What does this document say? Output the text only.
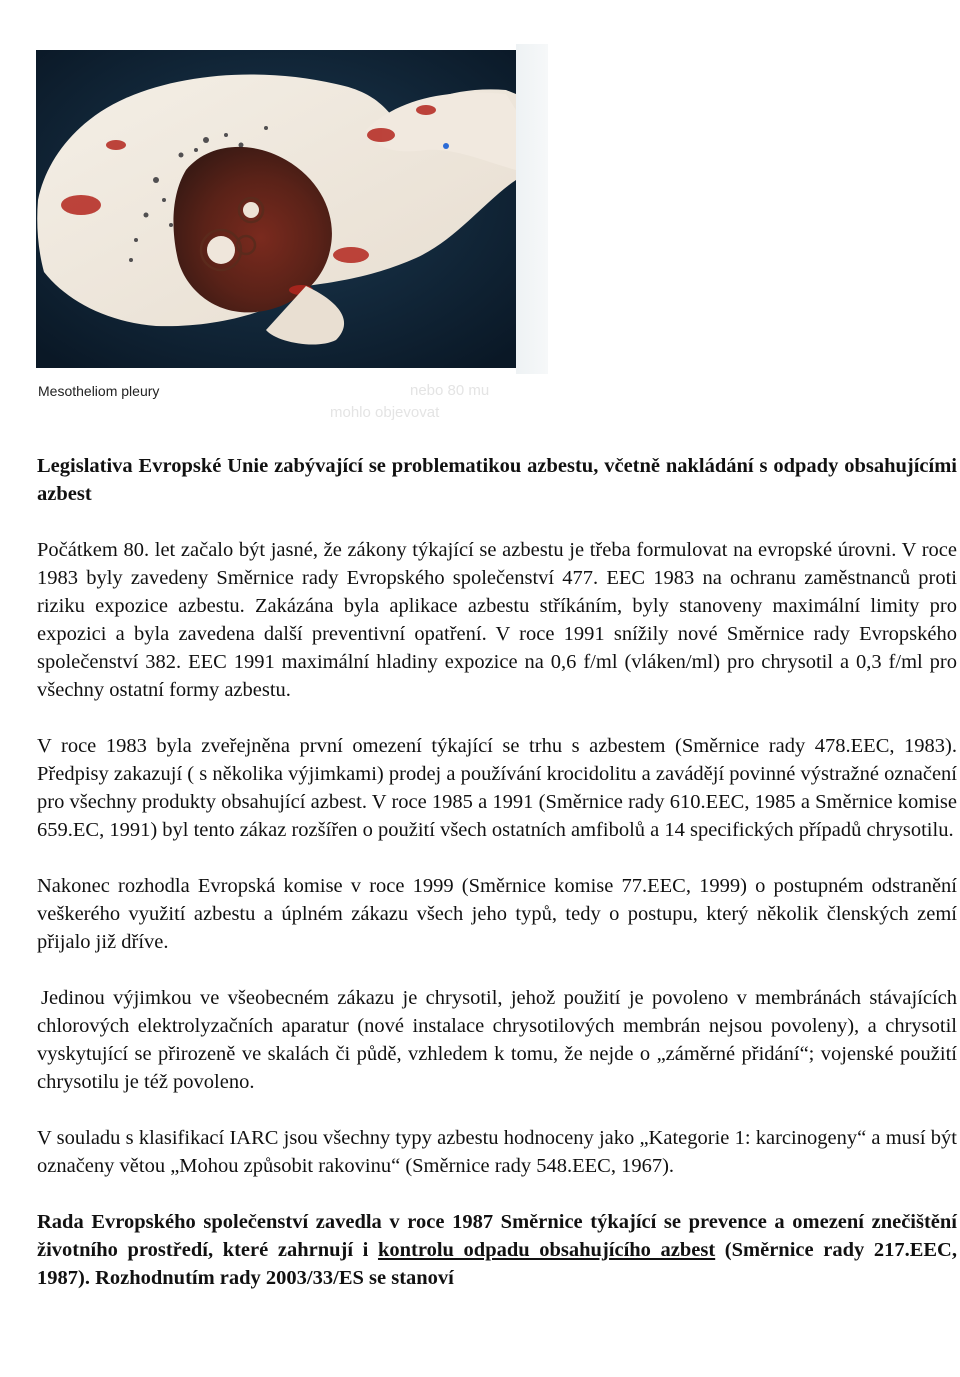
nebo 80 mu
mohlo objevovat
Mesotheliom pleury

Legislativa Evropské Unie zabývající se problematikou azbestu, včetně nakládání s odpady obsahujícími azbest

Počátkem 80. let začalo být jasné, že zákony týkající se azbestu je třeba formulovat na evropské úrovni. V roce 1983 byly zavedeny Směrnice rady Evropského společenství 477. EEC 1983 na ochranu zaměstnanců proti riziku expozice azbestu. Zakázána byla aplikace azbestu stříkáním, byly stanoveny maximální limity pro expozici a byla zavedena další preventivní opatření. V roce 1991 snížily nové Směrnice rady Evropského společenství 382. EEC 1991 maximální hladiny expozice na 0,6 f/ml (vláken/ml) pro chrysotil a 0,3 f/ml pro všechny ostatní formy azbestu.

V roce 1983 byla zveřejněna první omezení týkající se trhu s azbestem (Směrnice rady 478.EEC, 1983). Předpisy zakazují ( s několika výjimkami) prodej a používání krocidolitu a zavádějí povinné výstražné označení pro všechny produkty obsahující azbest. V roce 1985 a 1991 (Směrnice rady 610.EEC, 1985 a Směrnice komise 659.EC, 1991) byl tento zákaz rozšířen o použití všech ostatních amfibolů a 14 specifických případů chrysotilu.

Nakonec rozhodla Evropská komise v roce 1999 (Směrnice komise 77.EEC, 1999) o postupném odstranění veškerého využití azbestu a úplném zákazu všech jeho typů, tedy o postupu, který několik členských zemí přijalo již dříve.

Jedinou výjimkou ve všeobecném zákazu je chrysotil, jehož použití je povoleno v membránách stávajících chlorových elektrolyzačních aparatur (nové instalace chrysotilových membrán nejsou povoleny), a chrysotil vyskytující se přirozeně ve skalách či půdě, vzhledem k tomu, že nejde o „záměrné přidání“; vojenské použití chrysotilu je též povoleno.

V souladu s klasifikací IARC jsou všechny typy azbestu hodnoceny jako „Kategorie 1: karcinogeny“ a musí být označeny větou „Mohou způsobit rakovinu“ (Směrnice rady 548.EEC, 1967).

Rada Evropského společenství zavedla v roce 1987 Směrnice týkající se prevence a omezení znečištění životního prostředí, které zahrnují i kontrolu odpadu obsahujícího azbest (Směrnice rady 217.EEC, 1987). Rozhodnutím rady 2003/33/ES se stanoví
